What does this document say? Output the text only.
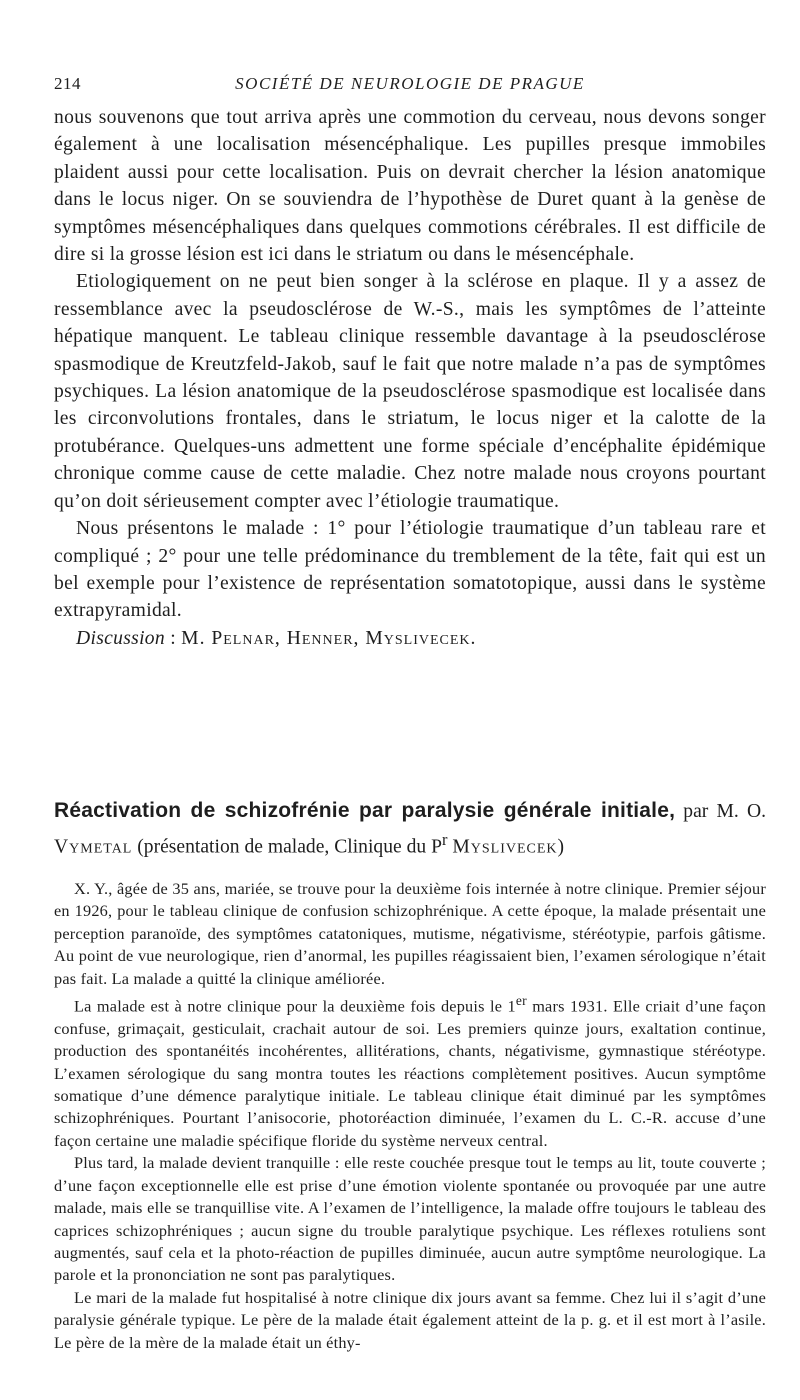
214	SOCIÉTÉ DE NEUROLOGIE DE PRAGUE

nous souvenons que tout arriva après une commotion du cerveau, nous devons songer également à une localisation mésencéphalique. Les pupilles presque immobiles plaident aussi pour cette localisation. Puis on devrait chercher la lésion anatomique dans le locus niger. On se souviendra de l’hypothèse de Duret quant à la genèse de symptômes mésencéphaliques dans quelques commotions cérébrales. Il est difficile de dire si la grosse lésion est ici dans le striatum ou dans le mésencéphale.

Etiologiquement on ne peut bien songer à la sclérose en plaque. Il y a assez de ressemblance avec la pseudosclérose de W.-S., mais les symptômes de l’atteinte hépatique manquent. Le tableau clinique ressemble davantage à la pseudosclérose spasmodique de Kreutzfeld-Jakob, sauf le fait que notre malade n’a pas de symptômes psychiques. La lésion anatomique de la pseudosclérose spasmodique est localisée dans les circonvolutions frontales, dans le striatum, le locus niger et la calotte de la protubérance. Quelques-uns admettent une forme spéciale d’encéphalite épidémique chronique comme cause de cette maladie. Chez notre malade nous croyons pourtant qu’on doit sérieusement compter avec l’étiologie traumatique.

Nous présentons le malade : 1° pour l’étiologie traumatique d’un tableau rare et compliqué ; 2° pour une telle prédominance du tremblement de la tête, fait qui est un bel exemple pour l’existence de représentation somatotopique, aussi dans le système extrapyramidal.

Discussion : M. Pelnar, Henner, Myslivecek.

Réactivation de schizofrénie par paralysie générale initiale, par M. O. Vymetal (présentation de malade, Clinique du $P^r$ Myslivecek)

X. Y., âgée de 35 ans, mariée, se trouve pour la deuxième fois internée à notre clinique. Premier séjour en 1926, pour le tableau clinique de confusion schizophrénique. A cette époque, la malade présentait une perception paranoïde, des symptômes catatoniques, mutisme, négativisme, stéréotypie, parfois gâtisme. Au point de vue neurologique, rien d’anormal, les pupilles réagissaient bien, l’examen sérologique n’était pas fait. La malade a quitté la clinique améliorée.

La malade est à notre clinique pour la deuxième fois depuis le 1er mars 1931. Elle criait d’une façon confuse, grimaçait, gesticulait, crachait autour de soi. Les premiers quinze jours, exaltation continue, production des spontanéités incohérentes, allitérations, chants, négativisme, gymnastique stéréotype. L’examen sérologique du sang montra toutes les réactions complètement positives. Aucun symptôme somatique d’une démence paralytique initiale. Le tableau clinique était diminué par les symptômes schizophréniques. Pourtant l’anisocorie, photoréaction diminuée, l’examen du L. C.-R. accuse d’une façon certaine une maladie spécifique floride du système nerveux central.

Plus tard, la malade devient tranquille : elle reste couchée presque tout le temps au lit, toute couverte ; d’une façon exceptionnelle elle est prise d’une émotion violente spontanée ou provoquée par une autre malade, mais elle se tranquillise vite. A l’examen de l’intelligence, la malade offre toujours le tableau des caprices schizophréniques ; aucun signe du trouble paralytique psychique. Les réflexes rotuliens sont augmentés, sauf cela et la photo-réaction de pupilles diminuée, aucun autre symptôme neurologique. La parole et la prononciation ne sont pas paralytiques.

Le mari de la malade fut hospitalisé à notre clinique dix jours avant sa femme. Chez lui il s’agit d’une paralysie générale typique. Le père de la malade était également atteint de la p. g. et il est mort à l’asile. Le père de la mère de la malade était un éthy-
